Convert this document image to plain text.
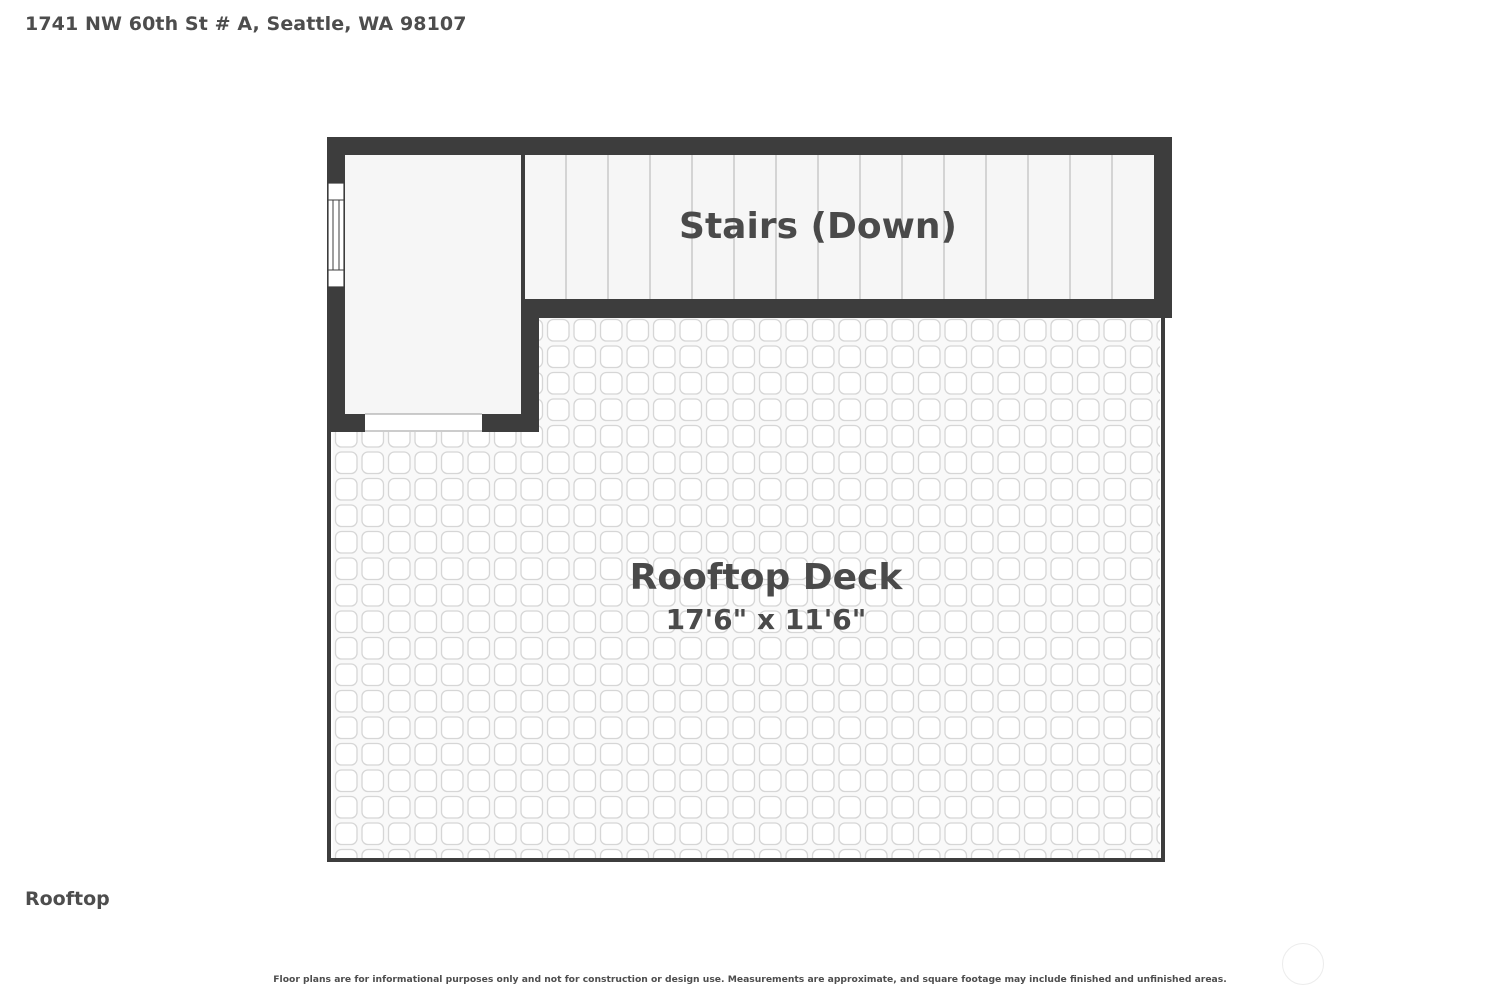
1741 NW 60th St # A, Seattle, WA 98107
Stairs (Down)
Rooftop Deck
17'6" x 11'6"
Rooftop
Floor plans are for informational purposes only and not for construction or design use. Measurements are approximate, and square footage may include finished and unfinished areas.
